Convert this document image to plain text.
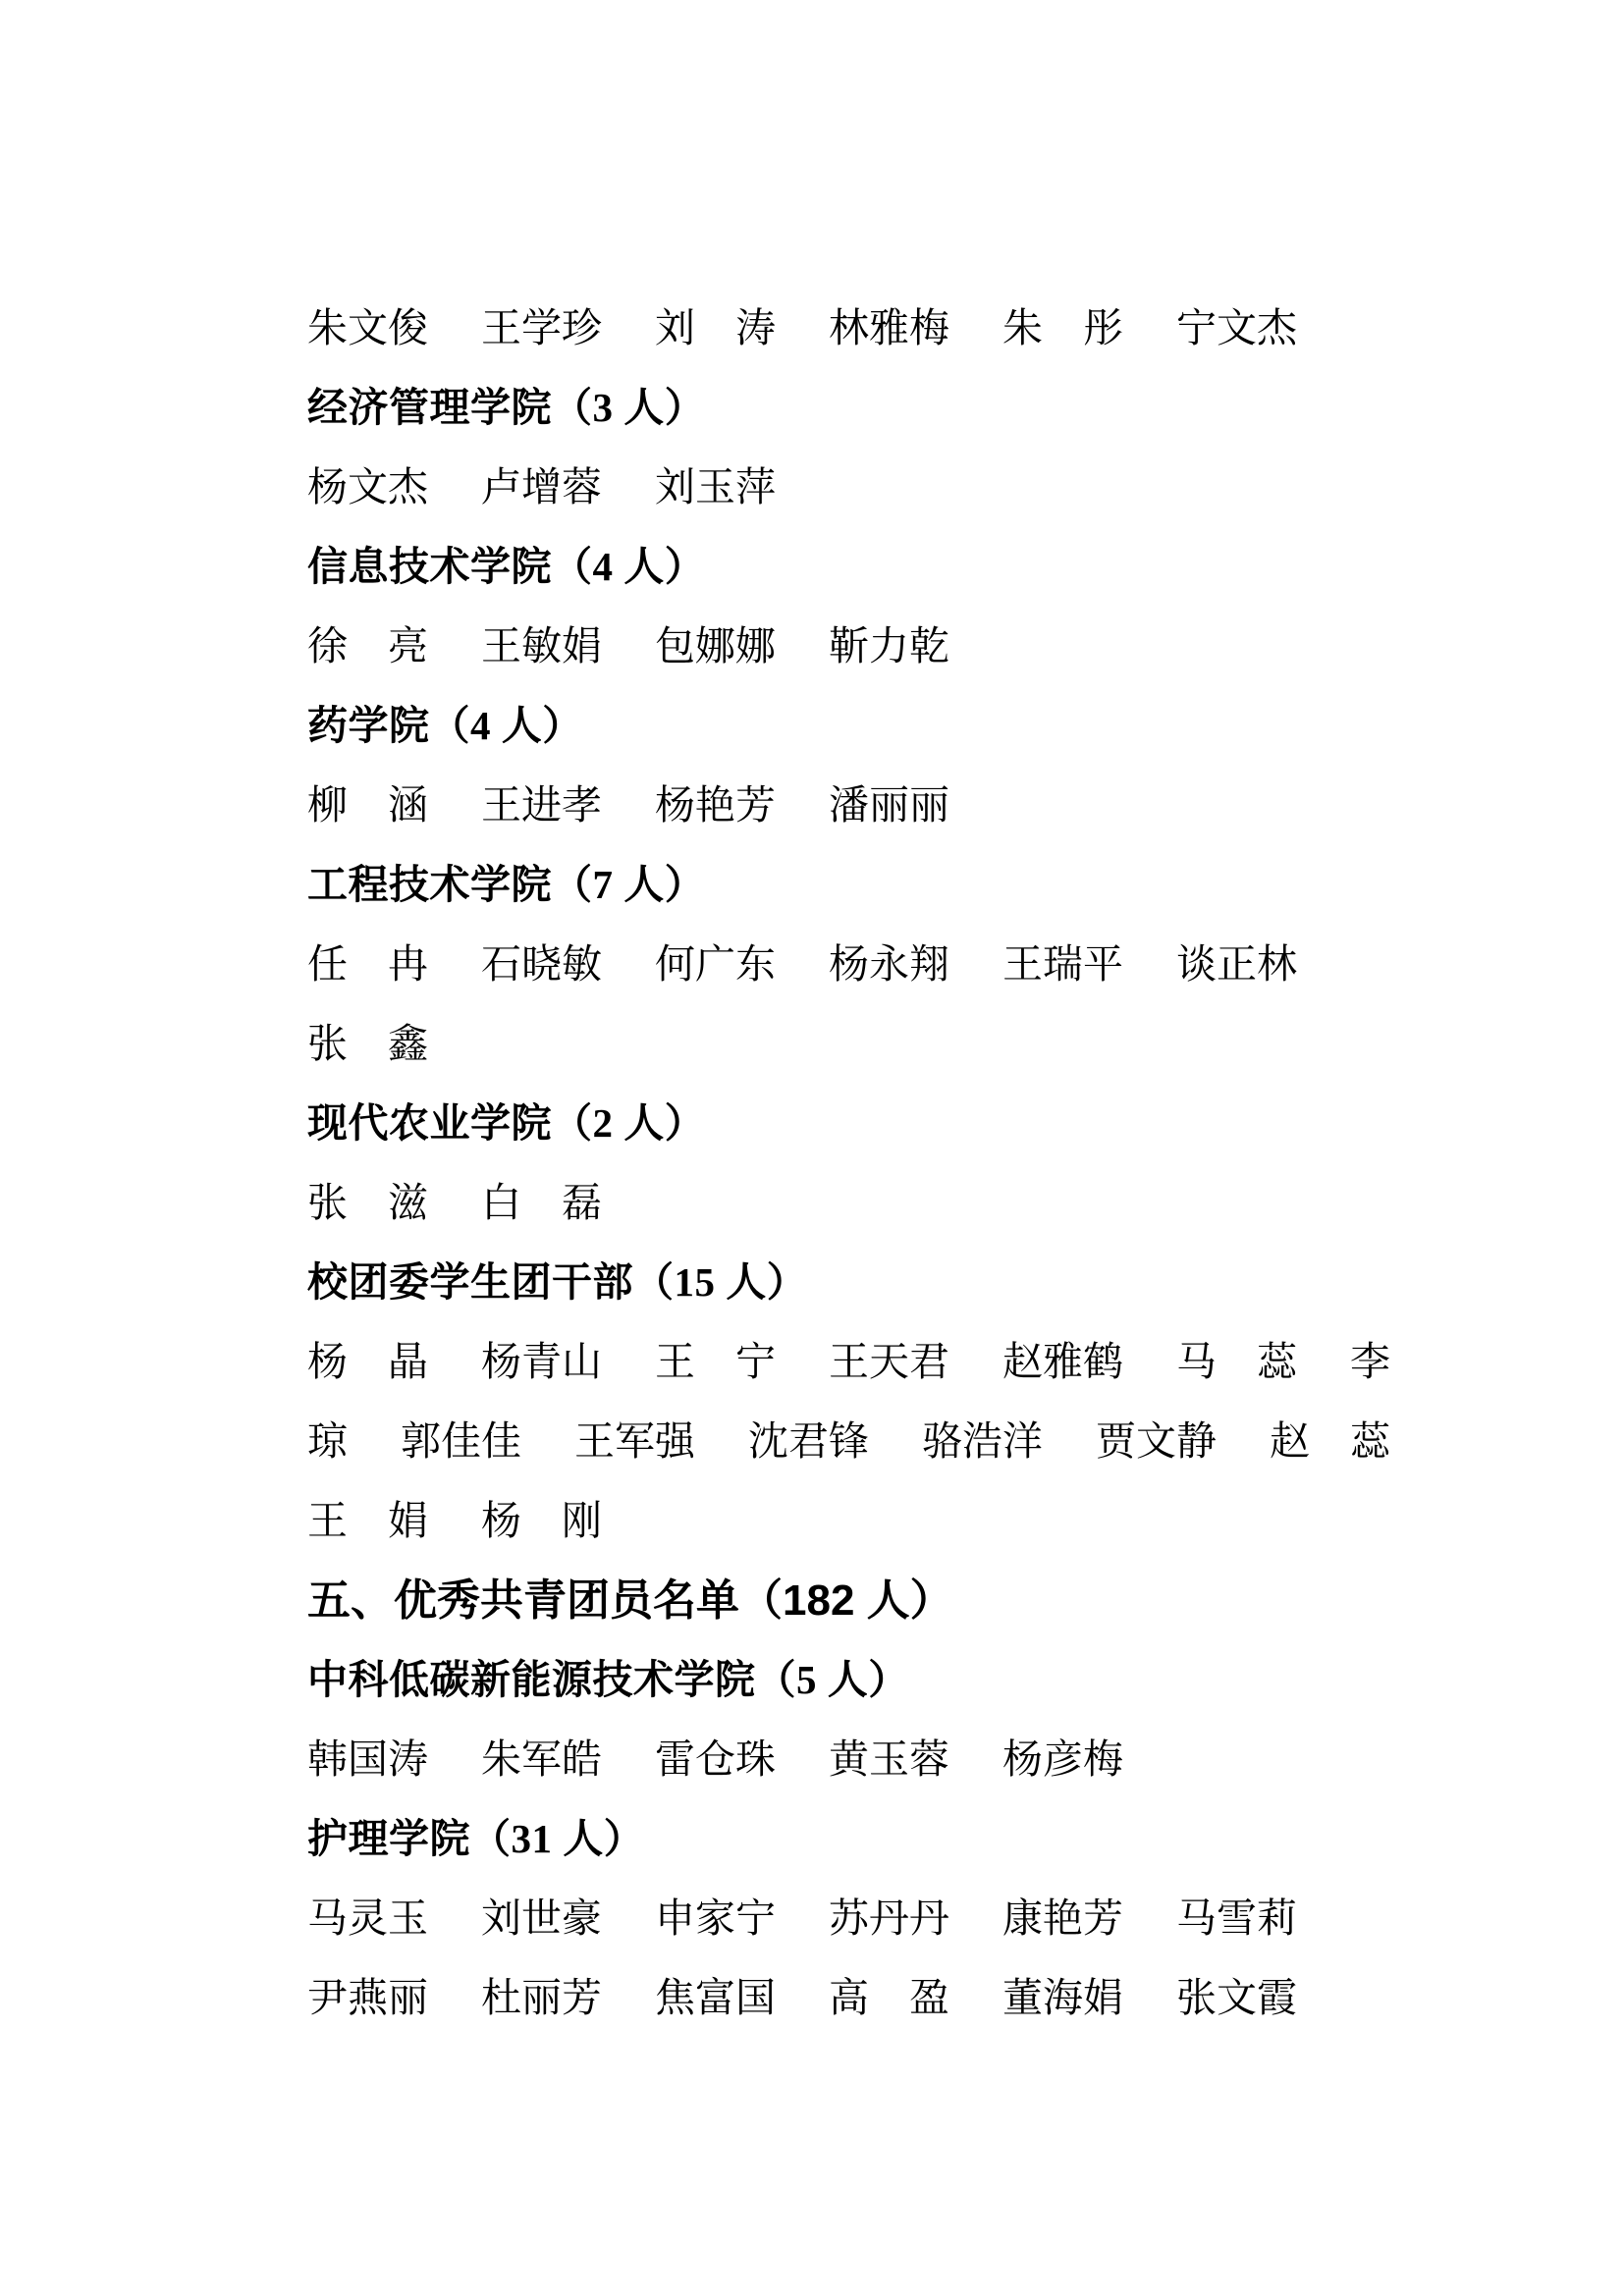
朱文俊 王学珍 刘　涛 林雅梅 朱　彤 宁文杰
经济管理学院（3 人）
杨文杰 卢增蓉 刘玉萍
信息技术学院（4 人）
徐　亮 王敏娟 包娜娜 靳力乾
药学院（4 人）
柳　涵 王进孝 杨艳芳 潘丽丽
工程技术学院（7 人）
任　冉 石晓敏 何广东 杨永翔 王瑞平 谈正林
张　鑫
现代农业学院（2 人）
张　滋 白　磊
校团委学生团干部（15 人）
杨　晶 杨青山 王　宁 王天君 赵雅鹤 马　蕊 李
琼 郭佳佳 王军强 沈君锋 骆浩洋 贾文静 赵　蕊
王　娟 杨　刚
五、优秀共青团员名单（182 人）
中科低碳新能源技术学院（5 人）
韩国涛 朱军皓 雷仓珠 黄玉蓉 杨彦梅
护理学院（31 人）
马灵玉 刘世豪 申家宁 苏丹丹 康艳芳 马雪莉
尹燕丽 杜丽芳 焦富国 高　盈 董海娟 张文霞
